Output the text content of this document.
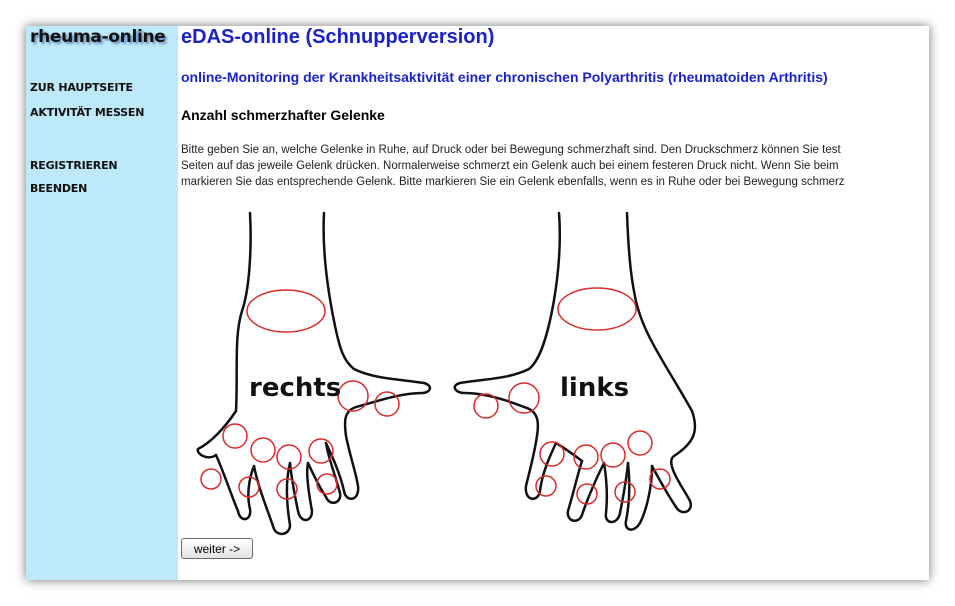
rheuma-online
ZUR HAUPTSEITE
AKTIVITÄT MESSEN
REGISTRIEREN
BEENDEN
eDAS-online (Schnupperversion)
online-Monitoring der Krankheitsaktivität einer chronischen Polyarthritis (rheumatoiden Arthritis)
Anzahl schmerzhafter Gelenke
Bitte geben Sie an, welche Gelenke in Ruhe, auf Druck oder bei Bewegung schmerzhaft sind. Den Druckschmerz können Sie test
Seiten auf das jeweile Gelenk drücken. Normalerweise schmerzt ein Gelenk auch bei einem festeren Druck nicht. Wenn Sie beim
markieren Sie das entsprechende Gelenk. Bitte markieren Sie ein Gelenk ebenfalls, wenn es in Ruhe oder bei Bewegung schmerz
rechts	links
weiter ->
